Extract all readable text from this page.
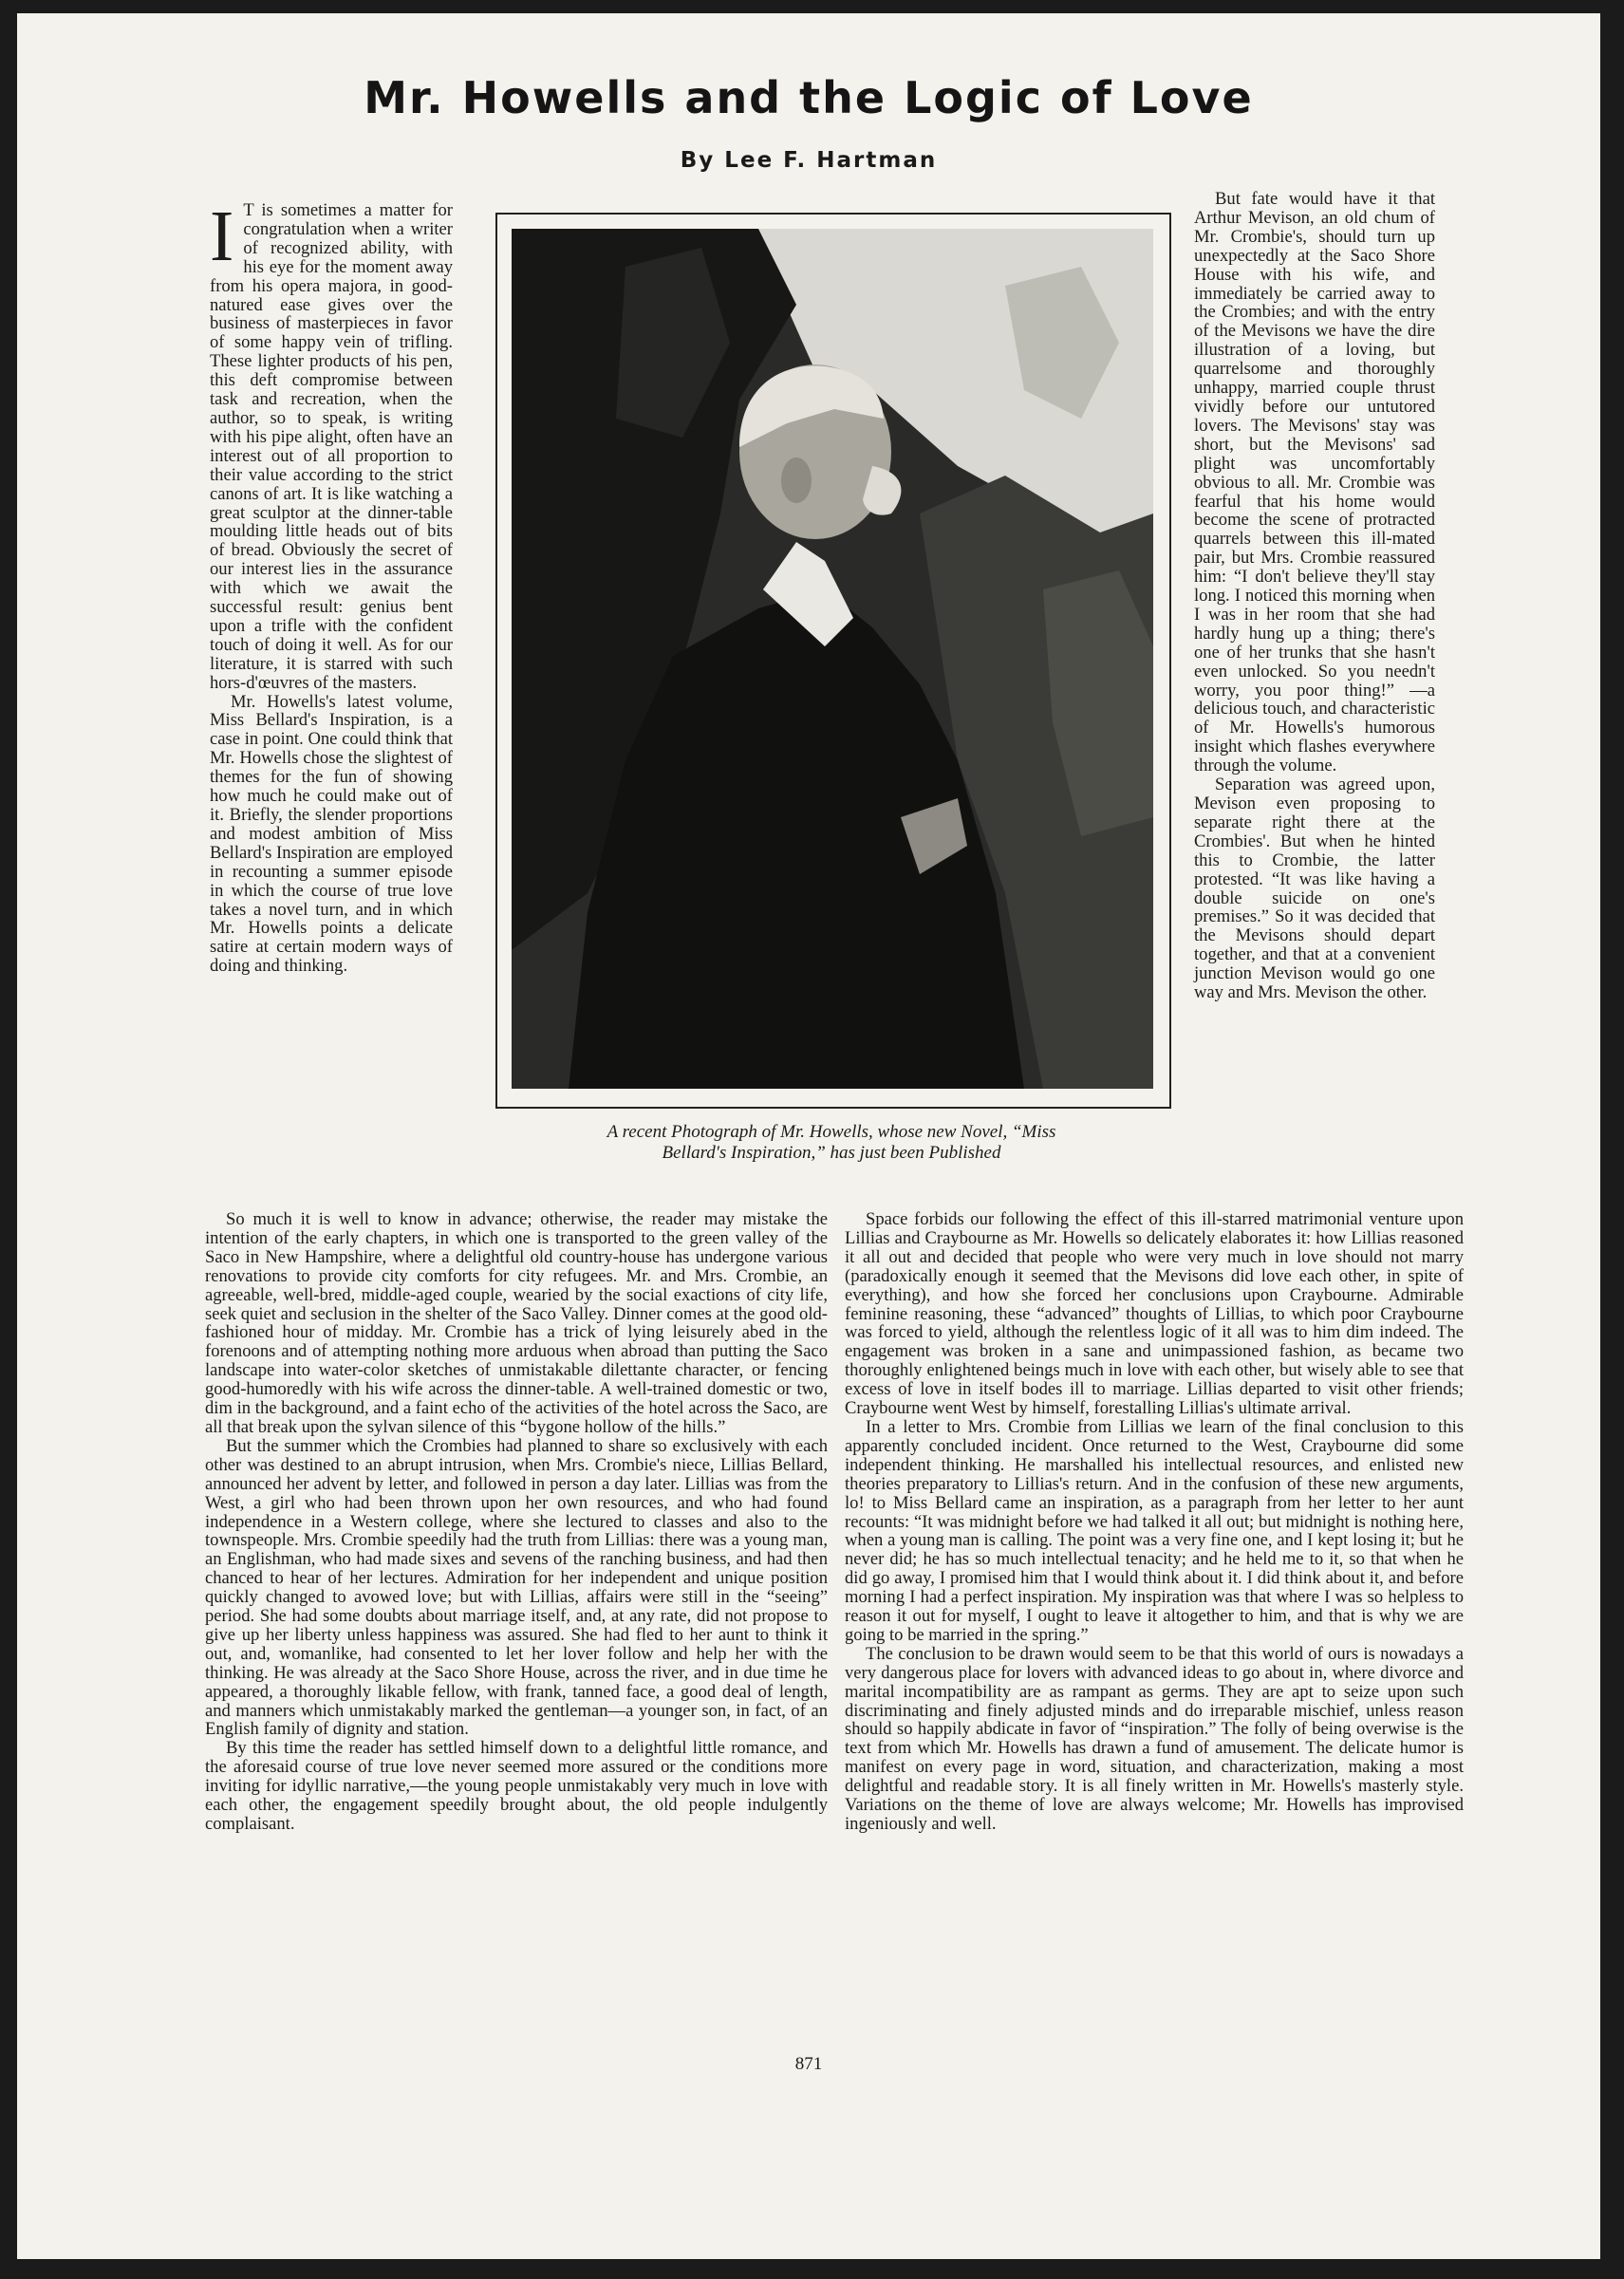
Mr. Howells and the Logic of Love
By Lee F. Hartman
I T is sometimes a matter for congratulation when a writer of recognized ability, with his eye for the moment away from his opera majora, in good-natured ease gives over the business of masterpieces in favor of some happy vein of trifling. These lighter products of his pen, this deft compromise between task and recreation, when the author, so to speak, is writing with his pipe alight, often have an interest out of all proportion to their value according to the strict canons of art. It is like watching a great sculptor at the dinner-table moulding little heads out of bits of bread. Obviously the secret of our interest lies in the assurance with which we await the successful result: genius bent upon a trifle with the confident touch of doing it well. As for our literature, it is starred with such hors-d'œuvres of the masters.

Mr. Howells's latest volume, Miss Bellard's Inspiration, is a case in point. One could think that Mr. Howells chose the slightest of themes for the fun of showing how much he could make out of it. Briefly, the slender proportions and modest ambition of Miss Bellard's Inspiration are employed in recounting a summer episode in which the course of true love takes a novel turn, and in which Mr. Howells points a delicate satire at certain modern ways of doing and thinking.

A recent Photograph of Mr. Howells, whose new Novel, “Miss
Bellard's Inspiration,” has just been Published

But fate would have it that Arthur Mevison, an old chum of Mr. Crombie's, should turn up unexpectedly at the Saco Shore House with his wife, and immediately be carried away to the Crombies; and with the entry of the Mevisons we have the dire illustration of a loving, but quarrelsome and thoroughly unhappy, married couple thrust vividly before our untutored lovers. The Mevisons' stay was short, but the Mevisons' sad plight was uncomfortably obvious to all. Mr. Crombie was fearful that his home would become the scene of protracted quarrels between this ill-mated pair, but Mrs. Crombie reassured him: “I don't believe they'll stay long. I noticed this morning when I was in her room that she had hardly hung up a thing; there's one of her trunks that she hasn't even unlocked. So you needn't worry, you poor thing!” —a delicious touch, and characteristic of Mr. Howells's humorous insight which flashes everywhere through the volume.

Separation was agreed upon, Mevison even proposing to separate right there at the Crombies'. But when he hinted this to Crombie, the latter protested. “It was like having a double suicide on one's premises.” So it was decided that the Mevisons should depart together, and that at a convenient junction Mevison would go one way and Mrs. Mevison the other.

So much it is well to know in advance; otherwise, the reader may mistake the intention of the early chapters, in which one is transported to the green valley of the Saco in New Hampshire, where a delightful old country-house has undergone various renovations to provide city comforts for city refugees. Mr. and Mrs. Crombie, an agreeable, well-bred, middle-aged couple, wearied by the social exactions of city life, seek quiet and seclusion in the shelter of the Saco Valley. Dinner comes at the good old-fashioned hour of midday. Mr. Crombie has a trick of lying leisurely abed in the forenoons and of attempting nothing more arduous when abroad than putting the Saco landscape into water-color sketches of unmistakable dilettante character, or fencing good-humoredly with his wife across the dinner-table. A well-trained domestic or two, dim in the background, and a faint echo of the activities of the hotel across the Saco, are all that break upon the sylvan silence of this “bygone hollow of the hills.”

But the summer which the Crombies had planned to share so exclusively with each other was destined to an abrupt intrusion, when Mrs. Crombie's niece, Lillias Bellard, announced her advent by letter, and followed in person a day later. Lillias was from the West, a girl who had been thrown upon her own resources, and who had found independence in a Western college, where she lectured to classes and also to the townspeople. Mrs. Crombie speedily had the truth from Lillias: there was a young man, an Englishman, who had made sixes and sevens of the ranching business, and had then chanced to hear of her lectures. Admiration for her independent and unique position quickly changed to avowed love; but with Lillias, affairs were still in the “seeing” period. She had some doubts about marriage itself, and, at any rate, did not propose to give up her liberty unless happiness was assured. She had fled to her aunt to think it out, and, womanlike, had consented to let her lover follow and help her with the thinking. He was already at the Saco Shore House, across the river, and in due time he appeared, a thoroughly likable fellow, with frank, tanned face, a good deal of length, and manners which unmistakably marked the gentleman—a younger son, in fact, of an English family of dignity and station.

By this time the reader has settled himself down to a delightful little romance, and the aforesaid course of true love never seemed more assured or the conditions more inviting for idyllic narrative,—the young people unmistakably very much in love with each other, the engagement speedily brought about, the old people indulgently complaisant.

Space forbids our following the effect of this ill-starred matrimonial venture upon Lillias and Craybourne as Mr. Howells so delicately elaborates it: how Lillias reasoned it all out and decided that people who were very much in love should not marry (paradoxically enough it seemed that the Mevisons did love each other, in spite of everything), and how she forced her conclusions upon Craybourne. Admirable feminine reasoning, these “advanced” thoughts of Lillias, to which poor Craybourne was forced to yield, although the relentless logic of it all was to him dim indeed. The engagement was broken in a sane and unimpassioned fashion, as became two thoroughly enlightened beings much in love with each other, but wisely able to see that excess of love in itself bodes ill to marriage. Lillias departed to visit other friends; Craybourne went West by himself, forestalling Lillias's ultimate arrival.

In a letter to Mrs. Crombie from Lillias we learn of the final conclusion to this apparently concluded incident. Once returned to the West, Craybourne did some independent thinking. He marshalled his intellectual resources, and enlisted new theories preparatory to Lillias's return. And in the confusion of these new arguments, lo! to Miss Bellard came an inspiration, as a paragraph from her letter to her aunt recounts: “It was midnight before we had talked it all out; but midnight is nothing here, when a young man is calling. The point was a very fine one, and I kept losing it; but he never did; he has so much intellectual tenacity; and he held me to it, so that when he did go away, I promised him that I would think about it. I did think about it, and before morning I had a perfect inspiration. My inspiration was that where I was so helpless to reason it out for myself, I ought to leave it altogether to him, and that is why we are going to be married in the spring.”

The conclusion to be drawn would seem to be that this world of ours is nowadays a very dangerous place for lovers with advanced ideas to go about in, where divorce and marital incompatibility are as rampant as germs. They are apt to seize upon such discriminating and finely adjusted minds and do irreparable mischief, unless reason should so happily abdicate in favor of “inspiration.” The folly of being overwise is the text from which Mr. Howells has drawn a fund of amusement. The delicate humor is manifest on every page in word, situation, and characterization, making a most delightful and readable story. It is all finely written in Mr. Howells's masterly style. Variations on the theme of love are always welcome; Mr. Howells has improvised ingeniously and well.

871
